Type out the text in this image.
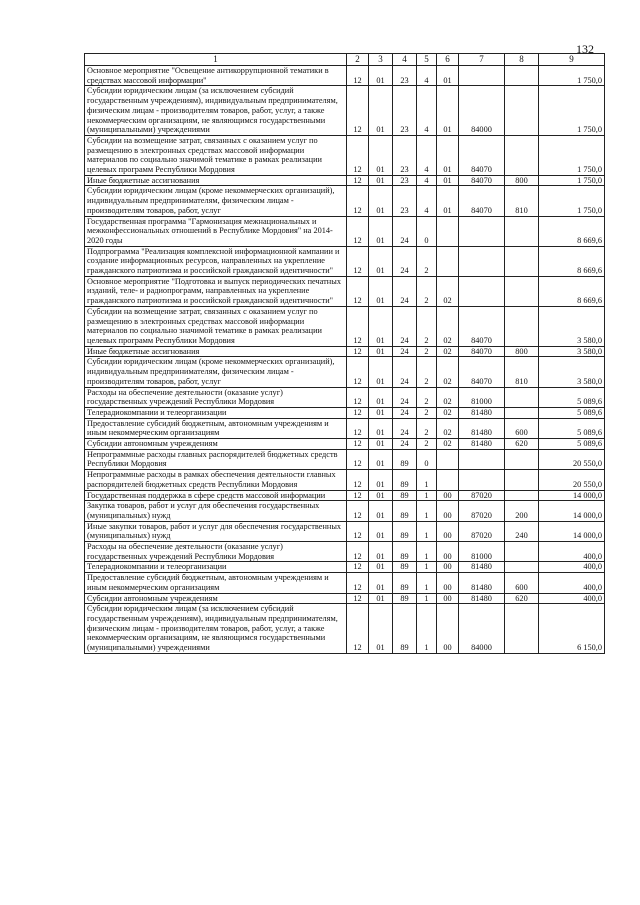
132
1	2	3	4	5	6	7	8	9
Основное мероприятие "Освещение антикоррупционной тематики в средствах массовой информации"	12	01	23	4	01			1 750,0
Субсидии юридическим лицам (за исключением субсидий государственным учреждениям), индивидуальным предпринимателям, физическим лицам - производителям товаров, работ, услуг, а также некоммерческим организациям, не являющимся государственными (муниципальными) учреждениями	12	01	23	4	01	84000		1 750,0
Субсидии на возмещение затрат, связанных с оказанием услуг по размещению в электронных средствах массовой информации материалов по социально значимой тематике в рамках реализации целевых программ Республики Мордовия	12	01	23	4	01	84070		1 750,0
Иные бюджетные ассигнования	12	01	23	4	01	84070	800	1 750,0
Субсидии юридическим лицам (кроме некоммерческих организаций), индивидуальным предпринимателям, физическим лицам - производителям товаров, работ, услуг	12	01	23	4	01	84070	810	1 750,0
Государственная программа "Гармонизация межнациональных и межконфессиональных отношений в Республике Мордовия" на 2014-2020 годы	12	01	24	0				8 669,6
Подпрограмма "Реализация комплексной информационной кампании и создание информационных ресурсов, направленных на укрепление гражданского патриотизма и российской гражданской идентичности"	12	01	24	2				8 669,6
Основное мероприятие "Подготовка и выпуск периодических печатных изданий, теле- и радиопрограмм, направленных на укрепление гражданского патриотизма и российской гражданской идентичности"	12	01	24	2	02			8 669,6
Субсидии на возмещение затрат, связанных с оказанием услуг по размещению в электронных средствах массовой информации материалов по социально значимой тематике в рамках реализации целевых программ Республики Мордовия	12	01	24	2	02	84070		3 580,0
Иные бюджетные ассигнования	12	01	24	2	02	84070	800	3 580,0
Субсидии юридическим лицам (кроме некоммерческих организаций), индивидуальным предпринимателям, физическим лицам - производителям товаров, работ, услуг	12	01	24	2	02	84070	810	3 580,0
Расходы на обеспечение деятельности (оказание услуг) государственных учреждений Республики Мордовия	12	01	24	2	02	81000		5 089,6
Телерадиокомпании и телеорганизации	12	01	24	2	02	81480		5 089,6
Предоставление субсидий бюджетным, автономным учреждениям и иным некоммерческим организациям	12	01	24	2	02	81480	600	5 089,6
Субсидии автономным учреждениям	12	01	24	2	02	81480	620	5 089,6
Непрограммные расходы главных распорядителей бюджетных средств Республики Мордовия	12	01	89	0				20 550,0
Непрограммные расходы в рамках обеспечения деятельности главных распорядителей бюджетных средств Республики Мордовия	12	01	89	1				20 550,0
Государственная поддержка в сфере средств массовой информации	12	01	89	1	00	87020		14 000,0
Закупка товаров, работ и услуг для обеспечения государственных (муниципальных) нужд	12	01	89	1	00	87020	200	14 000,0
Иные закупки товаров, работ и услуг для обеспечения государственных (муниципальных) нужд	12	01	89	1	00	87020	240	14 000,0
Расходы на обеспечение деятельности (оказание услуг) государственных учреждений Республики Мордовия	12	01	89	1	00	81000		400,0
Телерадиокомпании и телеорганизации	12	01	89	1	00	81480		400,0
Предоставление субсидий бюджетным, автономным учреждениям и иным некоммерческим организациям	12	01	89	1	00	81480	600	400,0
Субсидии автономным учреждениям	12	01	89	1	00	81480	620	400,0
Субсидии юридическим лицам (за исключением субсидий государственным учреждениям), индивидуальным предпринимателям, физическим лицам - производителям товаров, работ, услуг, а также некоммерческим организациям, не являющимся государственными (муниципальными) учреждениями	12	01	89	1	00	84000		6 150,0
